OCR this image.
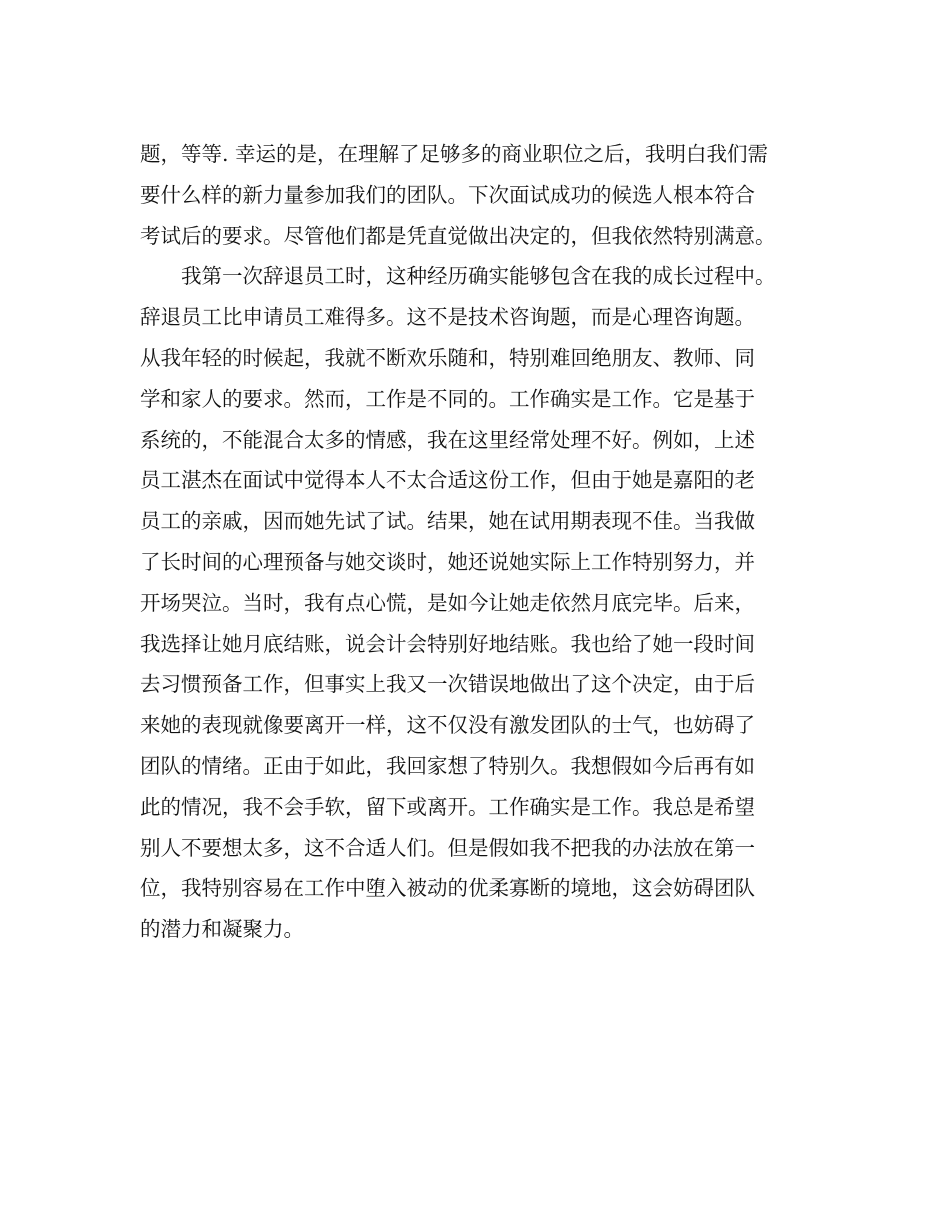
题，等等. 幸运的是，在理解了足够多的商业职位之后，我明白我们需
要什么样的新力量参加我们的团队。下次面试成功的候选人根本符合
考试后的要求。尽管他们都是凭直觉做出决定的，但我依然特别满意。
我第一次辞退员工时，这种经历确实能够包含在我的成长过程中。
辞退员工比申请员工难得多。这不是技术咨询题，而是心理咨询题。
从我年轻的时候起，我就不断欢乐随和，特别难回绝朋友、教师、同
学和家人的要求。然而，工作是不同的。工作确实是工作。它是基于
系统的，不能混合太多的情感，我在这里经常处理不好。例如，上述
员工湛杰在面试中觉得本人不太合适这份工作，但由于她是嘉阳的老
员工的亲戚，因而她先试了试。结果，她在试用期表现不佳。当我做
了长时间的心理预备与她交谈时，她还说她实际上工作特别努力，并
开场哭泣。当时，我有点心慌，是如今让她走依然月底完毕。后来，
我选择让她月底结账，说会计会特别好地结账。我也给了她一段时间
去习惯预备工作，但事实上我又一次错误地做出了这个决定，由于后
来她的表现就像要离开一样，这不仅没有激发团队的士气，也妨碍了
团队的情绪。正由于如此，我回家想了特别久。我想假如今后再有如
此的情况，我不会手软，留下或离开。工作确实是工作。我总是希望
别人不要想太多，这不合适人们。但是假如我不把我的办法放在第一
位，我特别容易在工作中堕入被动的优柔寡断的境地，这会妨碍团队
的潜力和凝聚力。
